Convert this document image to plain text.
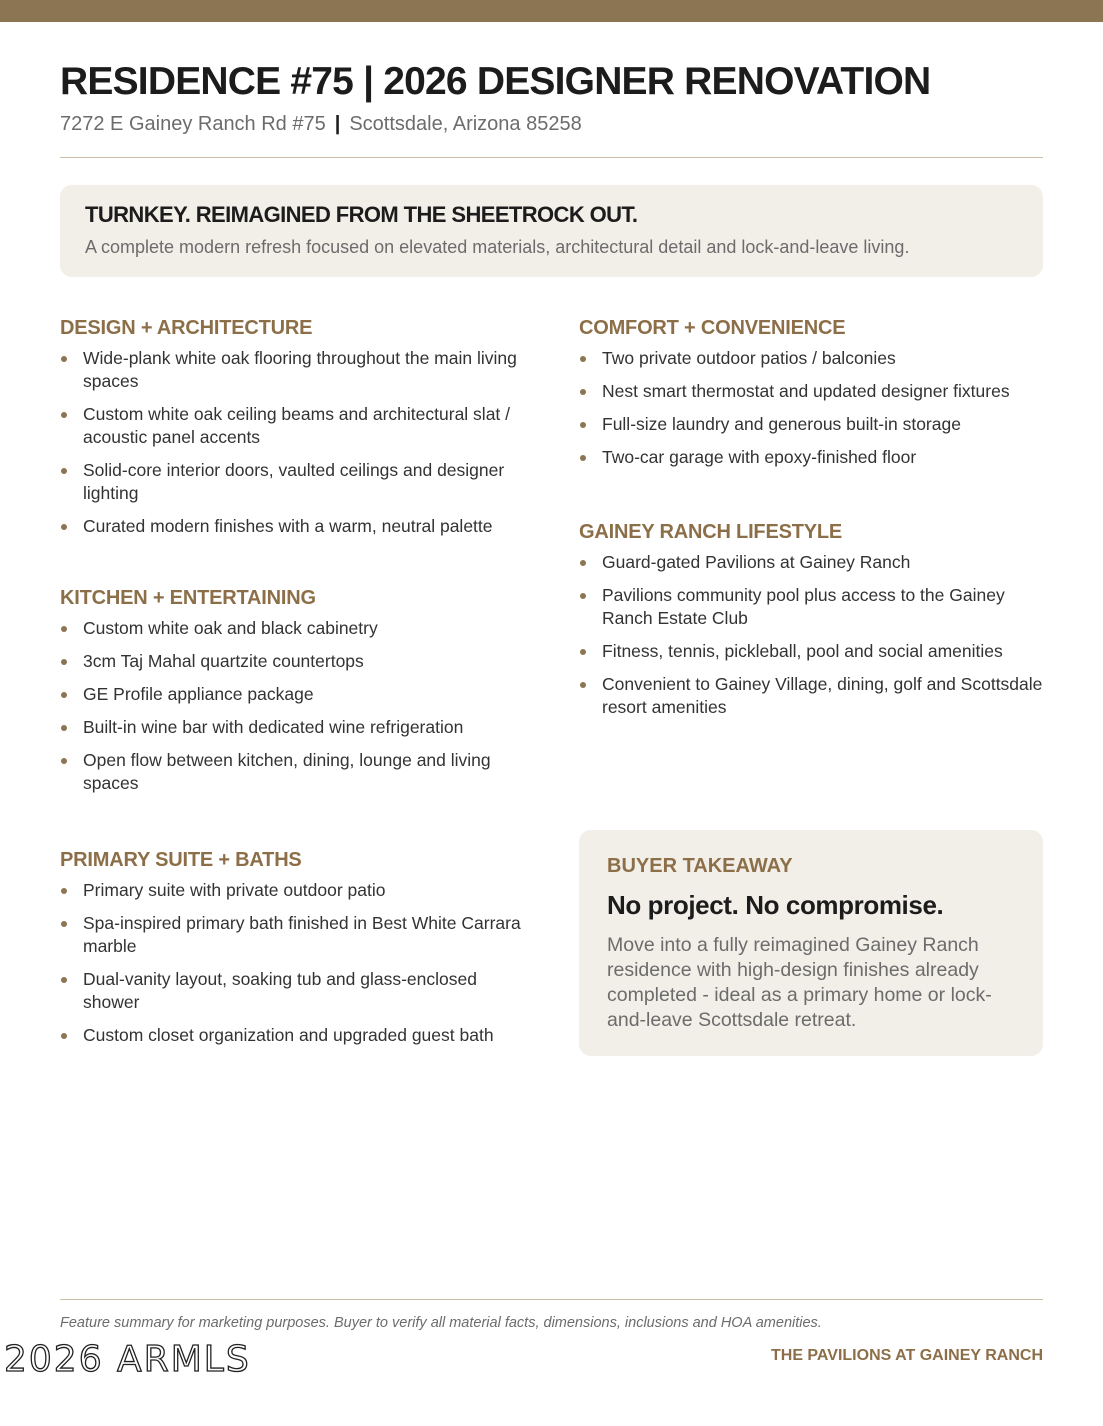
RESIDENCE #75 | 2026 DESIGNER RENOVATION
7272 E Gainey Ranch Rd #75 | Scottsdale, Arizona 85258
TURNKEY. REIMAGINED FROM THE SHEETROCK OUT.
A complete modern refresh focused on elevated materials, architectural detail and lock-and-leave living.
DESIGN + ARCHITECTURE
Wide-plank white oak flooring throughout the main living spaces
Custom white oak ceiling beams and architectural slat / acoustic panel accents
Solid-core interior doors, vaulted ceilings and designer lighting
Curated modern finishes with a warm, neutral palette
KITCHEN + ENTERTAINING
Custom white oak and black cabinetry
3cm Taj Mahal quartzite countertops
GE Profile appliance package
Built-in wine bar with dedicated wine refrigeration
Open flow between kitchen, dining, lounge and living spaces
PRIMARY SUITE + BATHS
Primary suite with private outdoor patio
Spa-inspired primary bath finished in Best White Carrara marble
Dual-vanity layout, soaking tub and glass-enclosed shower
Custom closet organization and upgraded guest bath
COMFORT + CONVENIENCE
Two private outdoor patios / balconies
Nest smart thermostat and updated designer fixtures
Full-size laundry and generous built-in storage
Two-car garage with epoxy-finished floor
GAINEY RANCH LIFESTYLE
Guard-gated Pavilions at Gainey Ranch
Pavilions community pool plus access to the Gainey Ranch Estate Club
Fitness, tennis, pickleball, pool and social amenities
Convenient to Gainey Village, dining, golf and Scottsdale resort amenities
BUYER TAKEAWAY
No project. No compromise.
Move into a fully reimagined Gainey Ranch residence with high-design finishes already completed - ideal as a primary home or lock-and-leave Scottsdale retreat.
Feature summary for marketing purposes. Buyer to verify all material facts, dimensions, inclusions and HOA amenities.
2026 ARMLS	THE PAVILIONS AT GAINEY RANCH
